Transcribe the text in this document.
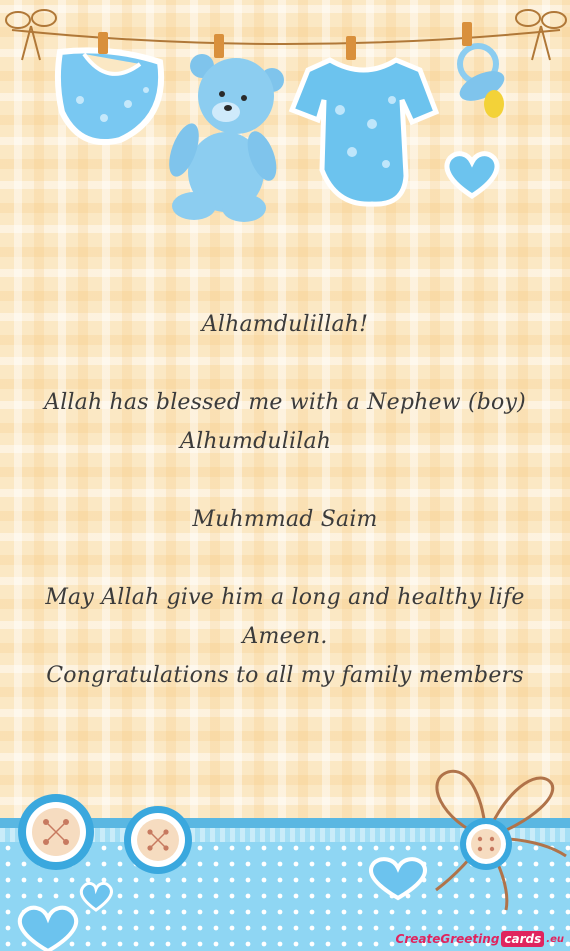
Alhamdulillah!
Allah has blessed me with a Nephew (boy)
Alhumdulilah
Muhmmad Saim
May Allah give him a long and healthy life
Ameen.
Congratulations to all my family members
CreateGreeting cards .eu
